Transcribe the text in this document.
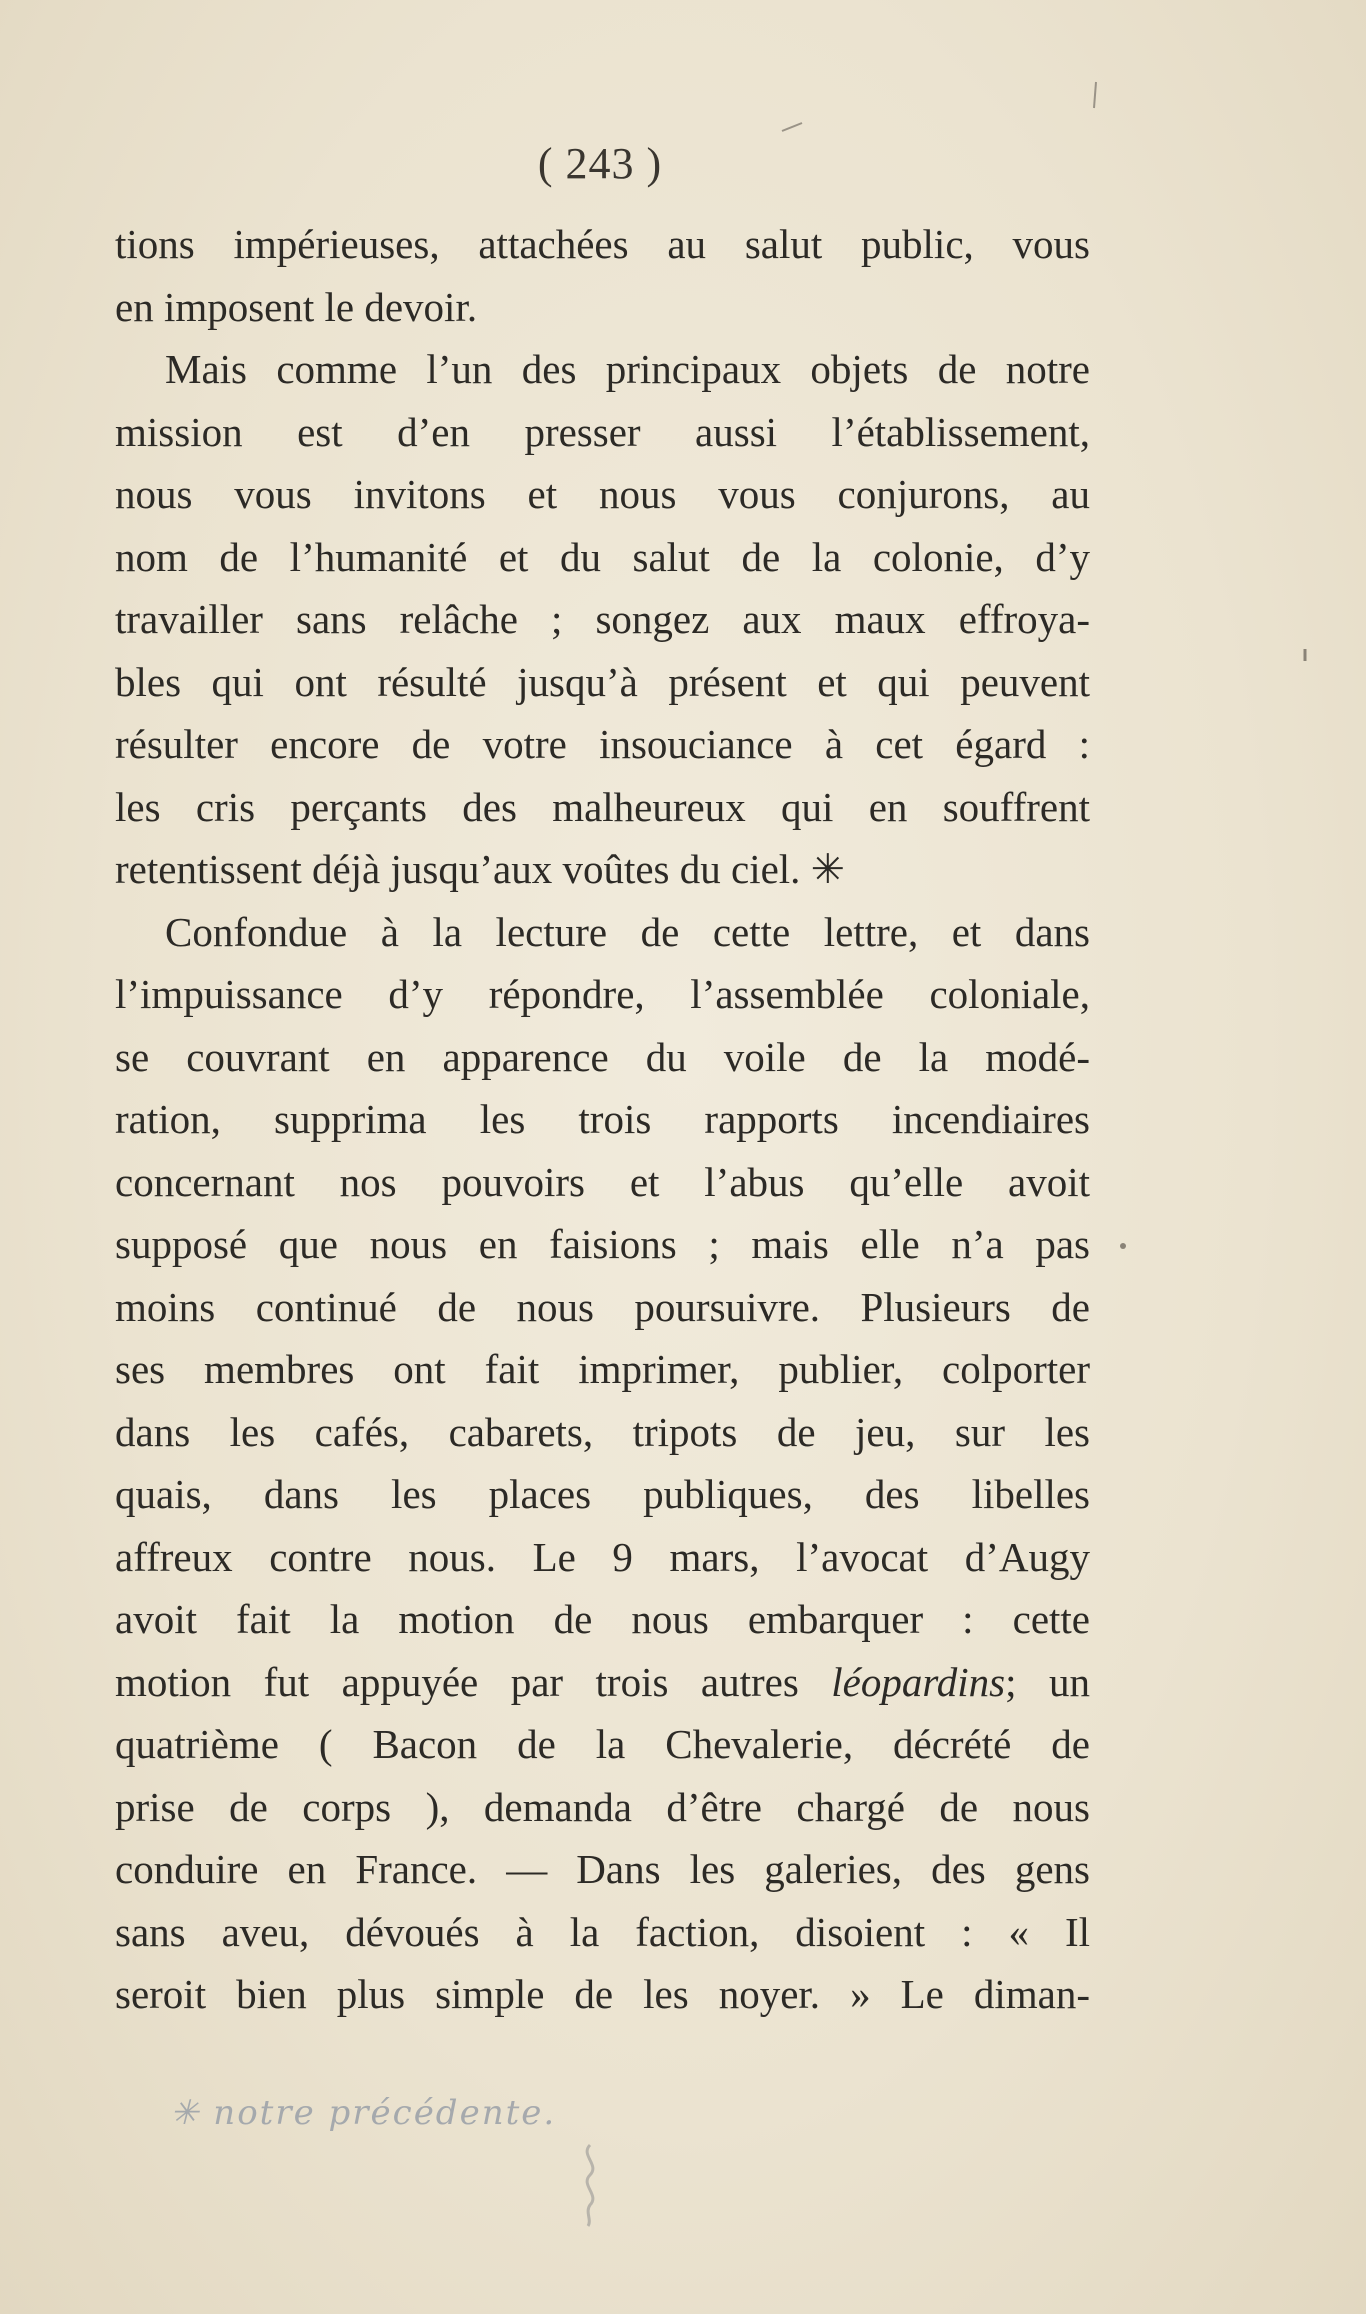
( 243 )
tions impérieuses, attachées au salut public, vous
en imposent le devoir.
Mais comme l’un des principaux objets de notre
mission est d’en presser aussi l’établissement,
nous vous invitons et nous vous conjurons, au
nom de l’humanité et du salut de la colonie, d’y
travailler sans relâche ; songez aux maux effroya-
bles qui ont résulté jusqu’à présent et qui peuvent
résulter encore de votre insouciance à cet égard :
les cris perçants des malheureux qui en souffrent
retentissent déjà jusqu’aux voûtes du ciel. ✳
Confondue à la lecture de cette lettre, et dans
l’impuissance d’y répondre, l’assemblée coloniale,
se couvrant en apparence du voile de la modé-
ration, supprima les trois rapports incendiaires
concernant nos pouvoirs et l’abus qu’elle avoit
supposé que nous en faisions ; mais elle n’a pas
moins continué de nous poursuivre. Plusieurs de
ses membres ont fait imprimer, publier, colporter
dans les cafés, cabarets, tripots de jeu, sur les
quais, dans les places publiques, des libelles
affreux contre nous. Le 9 mars, l’avocat d’Augy
avoit fait la motion de nous embarquer : cette
motion fut appuyée par trois autres léopardins; un
quatrième ( Bacon de la Chevalerie, décrété de
prise de corps ), demanda d’être chargé de nous
conduire en France. — Dans les galeries, des gens
sans aveu, dévoués à la faction, disoient : « Il
seroit bien plus simple de les noyer. » Le diman-
✳ notre précédente.
